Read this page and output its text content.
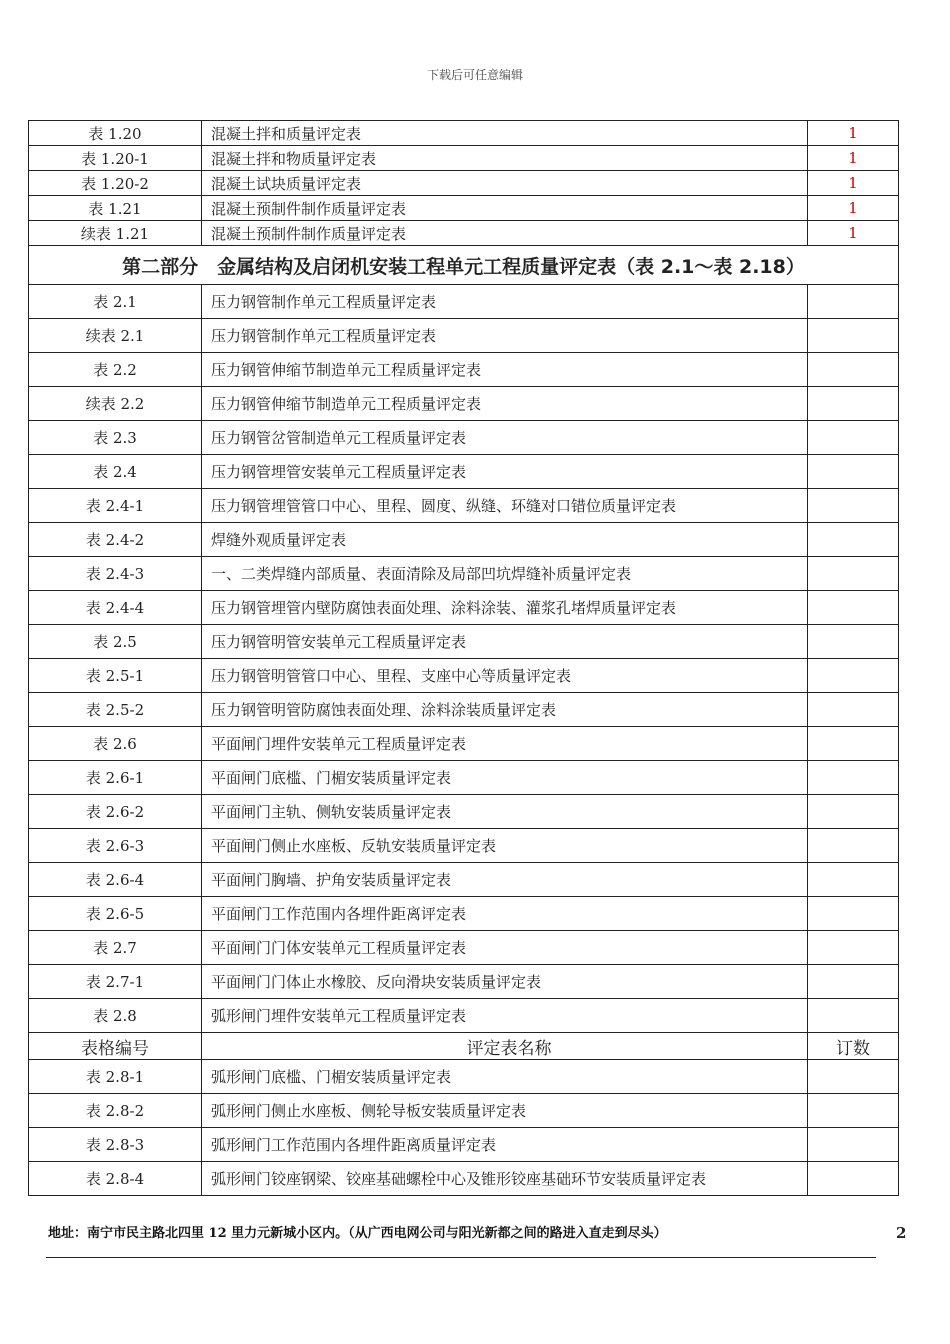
下载后可任意编辑
表 1.20	混凝土拌和质量评定表	1
表 1.20-1	混凝土拌和物质量评定表	1
表 1.20-2	混凝土试块质量评定表	1
表 1.21	混凝土预制件制作质量评定表	1
续表 1.21	混凝土预制件制作质量评定表	1
第二部分　金属结构及启闭机安装工程单元工程质量评定表（表 2.1～表 2.18）		
表 2.1	压力钢管制作单元工程质量评定表	
续表 2.1	压力钢管制作单元工程质量评定表	
表 2.2	压力钢管伸缩节制造单元工程质量评定表	
续表 2.2	压力钢管伸缩节制造单元工程质量评定表	
表 2.3	压力钢管岔管制造单元工程质量评定表	
表 2.4	压力钢管埋管安装单元工程质量评定表	
表 2.4-1	压力钢管埋管管口中心、里程、圆度、纵缝、环缝对口错位质量评定表	
表 2.4-2	焊缝外观质量评定表	
表 2.4-3	一、二类焊缝内部质量、表面清除及局部凹坑焊缝补质量评定表	
表 2.4-4	压力钢管埋管内壁防腐蚀表面处理、涂料涂装、灌浆孔堵焊质量评定表	
表 2.5	压力钢管明管安装单元工程质量评定表	
表 2.5-1	压力钢管明管管口中心、里程、支座中心等质量评定表	
表 2.5-2	压力钢管明管防腐蚀表面处理、涂料涂装质量评定表	
表 2.6	平面闸门埋件安装单元工程质量评定表	
表 2.6-1	平面闸门底槛、门楣安装质量评定表	
表 2.6-2	平面闸门主轨、侧轨安装质量评定表	
表 2.6-3	平面闸门侧止水座板、反轨安装质量评定表	
表 2.6-4	平面闸门胸墙、护角安装质量评定表	
表 2.6-5	平面闸门工作范围内各埋件距离评定表	
表 2.7	平面闸门门体安装单元工程质量评定表	
表 2.7-1	平面闸门门体止水橡胶、反向滑块安装质量评定表	
表 2.8	弧形闸门埋件安装单元工程质量评定表	
表格编号	评定表名称	订数
表 2.8-1	弧形闸门底槛、门楣安装质量评定表	
表 2.8-2	弧形闸门侧止水座板、侧轮导板安装质量评定表	
表 2.8-3	弧形闸门工作范围内各埋件距离质量评定表	
表 2.8-4	弧形闸门铰座钢梁、铰座基础螺栓中心及锥形铰座基础环节安装质量评定表	
地址：南宁市民主路北四里 12 里力元新城小区内。（从广西电网公司与阳光新都之间的路进入直走到尽头）	2
